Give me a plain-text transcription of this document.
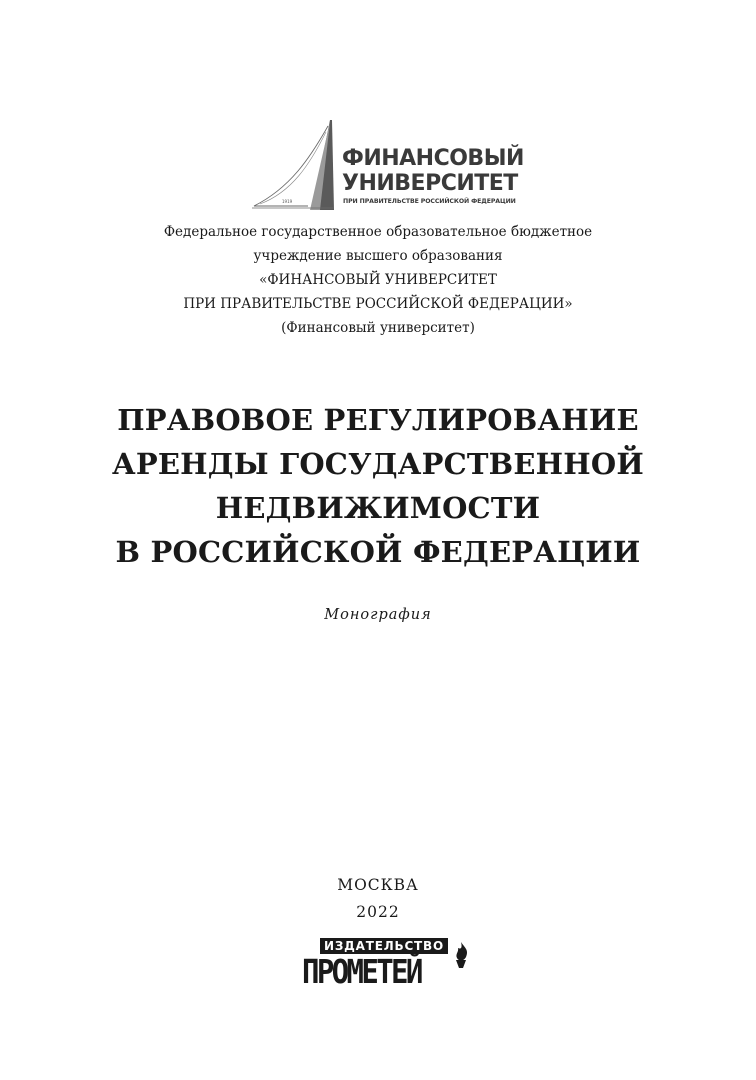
1919
ФИНАНСОВЫЙ
УНИВЕРСИТЕТ
ПРИ ПРАВИТЕЛЬСТВЕ РОССИЙСКОЙ ФЕДЕРАЦИИ
Федеральное государственное образовательное бюджетное
учреждение высшего образования
«ФИНАНСОВЫЙ УНИВЕРСИТЕТ
ПРИ ПРАВИТЕЛЬСТВЕ РОССИЙСКОЙ ФЕДЕРАЦИИ»
(Финансовый университет)
ПРАВОВОЕ РЕГУЛИРОВАНИЕ
АРЕНДЫ ГОСУДАРСТВЕННОЙ
НЕДВИЖИМОСТИ
В РОССИЙСКОЙ ФЕДЕРАЦИИ
Монография
МОСКВА
2022
ИЗДАТЕЛЬСТВО
ПРОМЕТЕЙ
